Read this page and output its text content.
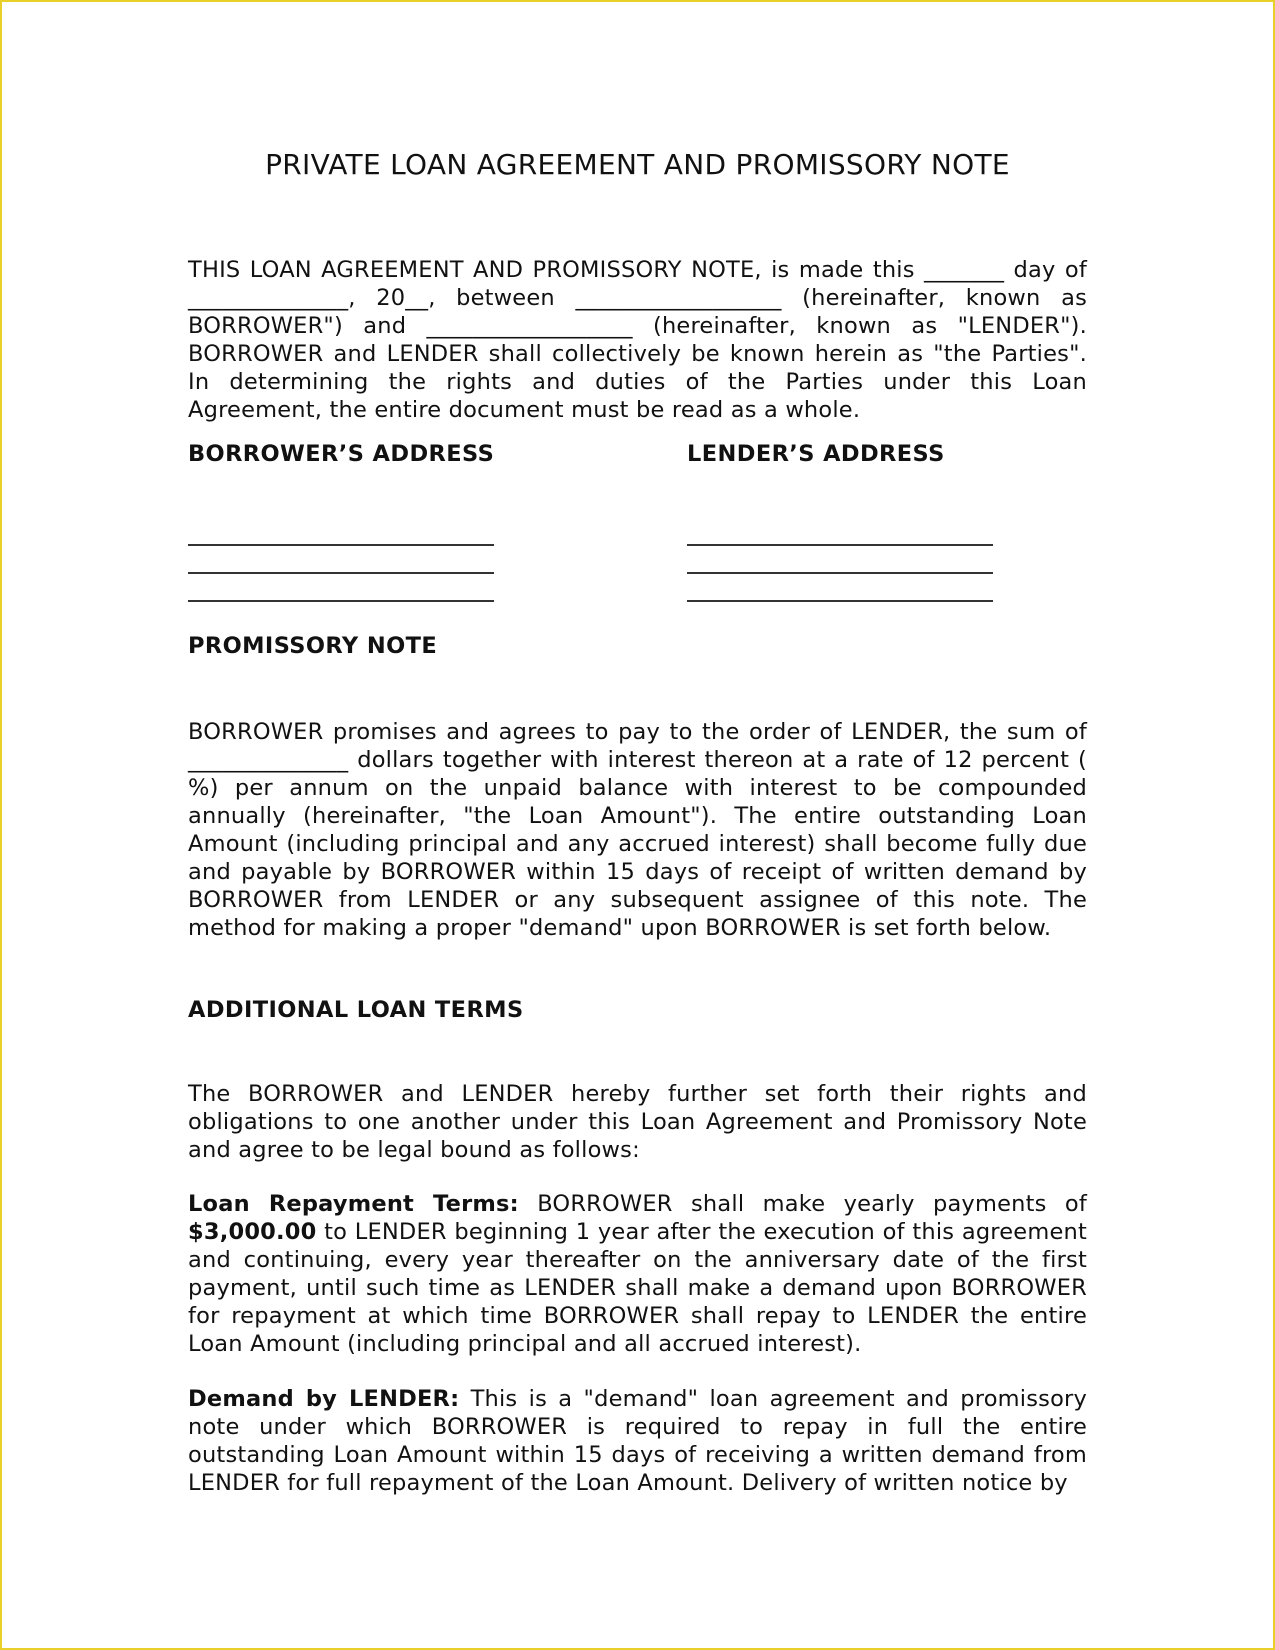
PRIVATE LOAN AGREEMENT AND PROMISSORY NOTE
THIS LOAN AGREEMENT AND PROMISSORY NOTE, is made this _______ day of ______________, 20__, between __________________ (hereinafter, known as BORROWER") and __________________ (hereinafter, known as "LENDER"). BORROWER and LENDER shall collectively be known herein as "the Parties". In determining the rights and duties of the Parties under this Loan Agreement, the entire document must be read as a whole.
BORROWER’S ADDRESS	LENDER’S ADDRESS
PROMISSORY NOTE
BORROWER promises and agrees to pay to the order of LENDER, the sum of ______________ dollars together with interest thereon at a rate of 12 percent ( %) per annum on the unpaid balance with interest to be compounded annually (hereinafter, "the Loan Amount"). The entire outstanding Loan Amount (including principal and any accrued interest) shall become fully due and payable by BORROWER within 15 days of receipt of written demand by BORROWER from LENDER or any subsequent assignee of this note. The method for making a proper "demand" upon BORROWER is set forth below.
ADDITIONAL LOAN TERMS
The BORROWER and LENDER hereby further set forth their rights and obligations to one another under this Loan Agreement and Promissory Note and agree to be legal bound as follows:
Loan Repayment Terms: BORROWER shall make yearly payments of $3,000.00 to LENDER beginning 1 year after the execution of this agreement and continuing, every year thereafter on the anniversary date of the first payment, until such time as LENDER shall make a demand upon BORROWER for repayment at which time BORROWER shall repay to LENDER the entire Loan Amount (including principal and all accrued interest).
Demand by LENDER: This is a "demand" loan agreement and promissory note under which BORROWER is required to repay in full the entire outstanding Loan Amount within 15 days of receiving a written demand from LENDER for full repayment of the Loan Amount. Delivery of written notice by
